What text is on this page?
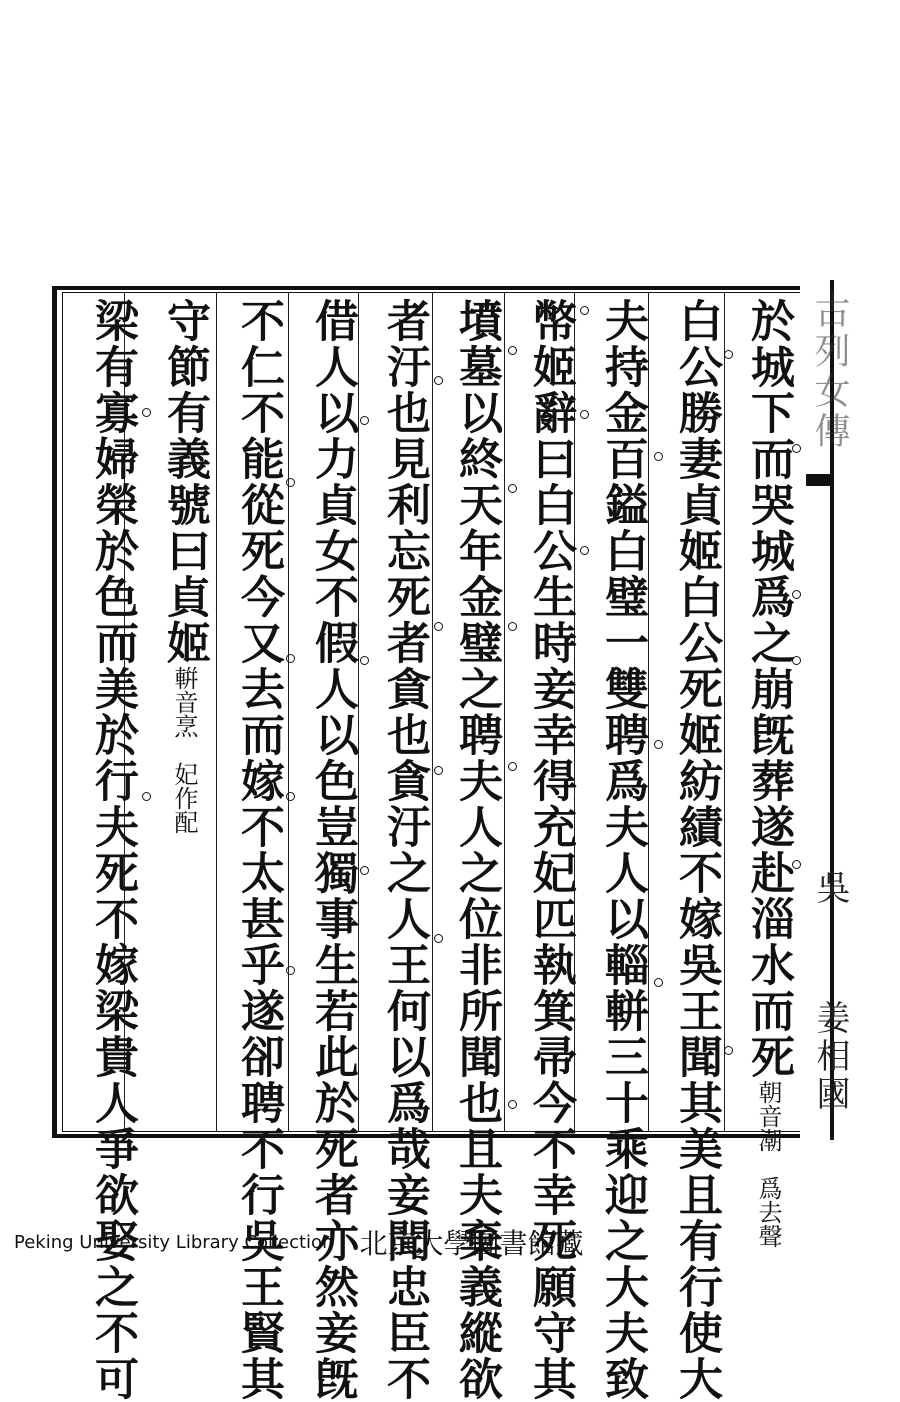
古列女傳
吳
姜相國
於城下而哭城爲之崩旣葬遂赴淄水而死朝音潮　爲去聲
白公勝妻貞姬白公死姬紡績不嫁吳王聞其美且有行使大
夫持金百鎰白璧一雙聘爲夫人以輜軿三十乘迎之大夫致
幣姬辭曰白公生時妾幸得充妃匹執箕帚今不幸死願守其
墳墓以終天年金璧之聘夫人之位非所聞也且夫棄義縱欲
者汙也見利忘死者貪也貪汙之人王何以爲哉妾聞忠臣不
借人以力貞女不假人以色豈獨事生若此於死者亦然妾旣
不仁不能從死今又去而嫁不太甚乎遂卻聘不行吳王賢其
守節有義號曰貞姬輧音烹　妃作配
梁有寡婦榮於色而美於行夫死不嫁梁貴人爭欲娶之不可
Peking University Library Collection 北京大學圖書館藏
